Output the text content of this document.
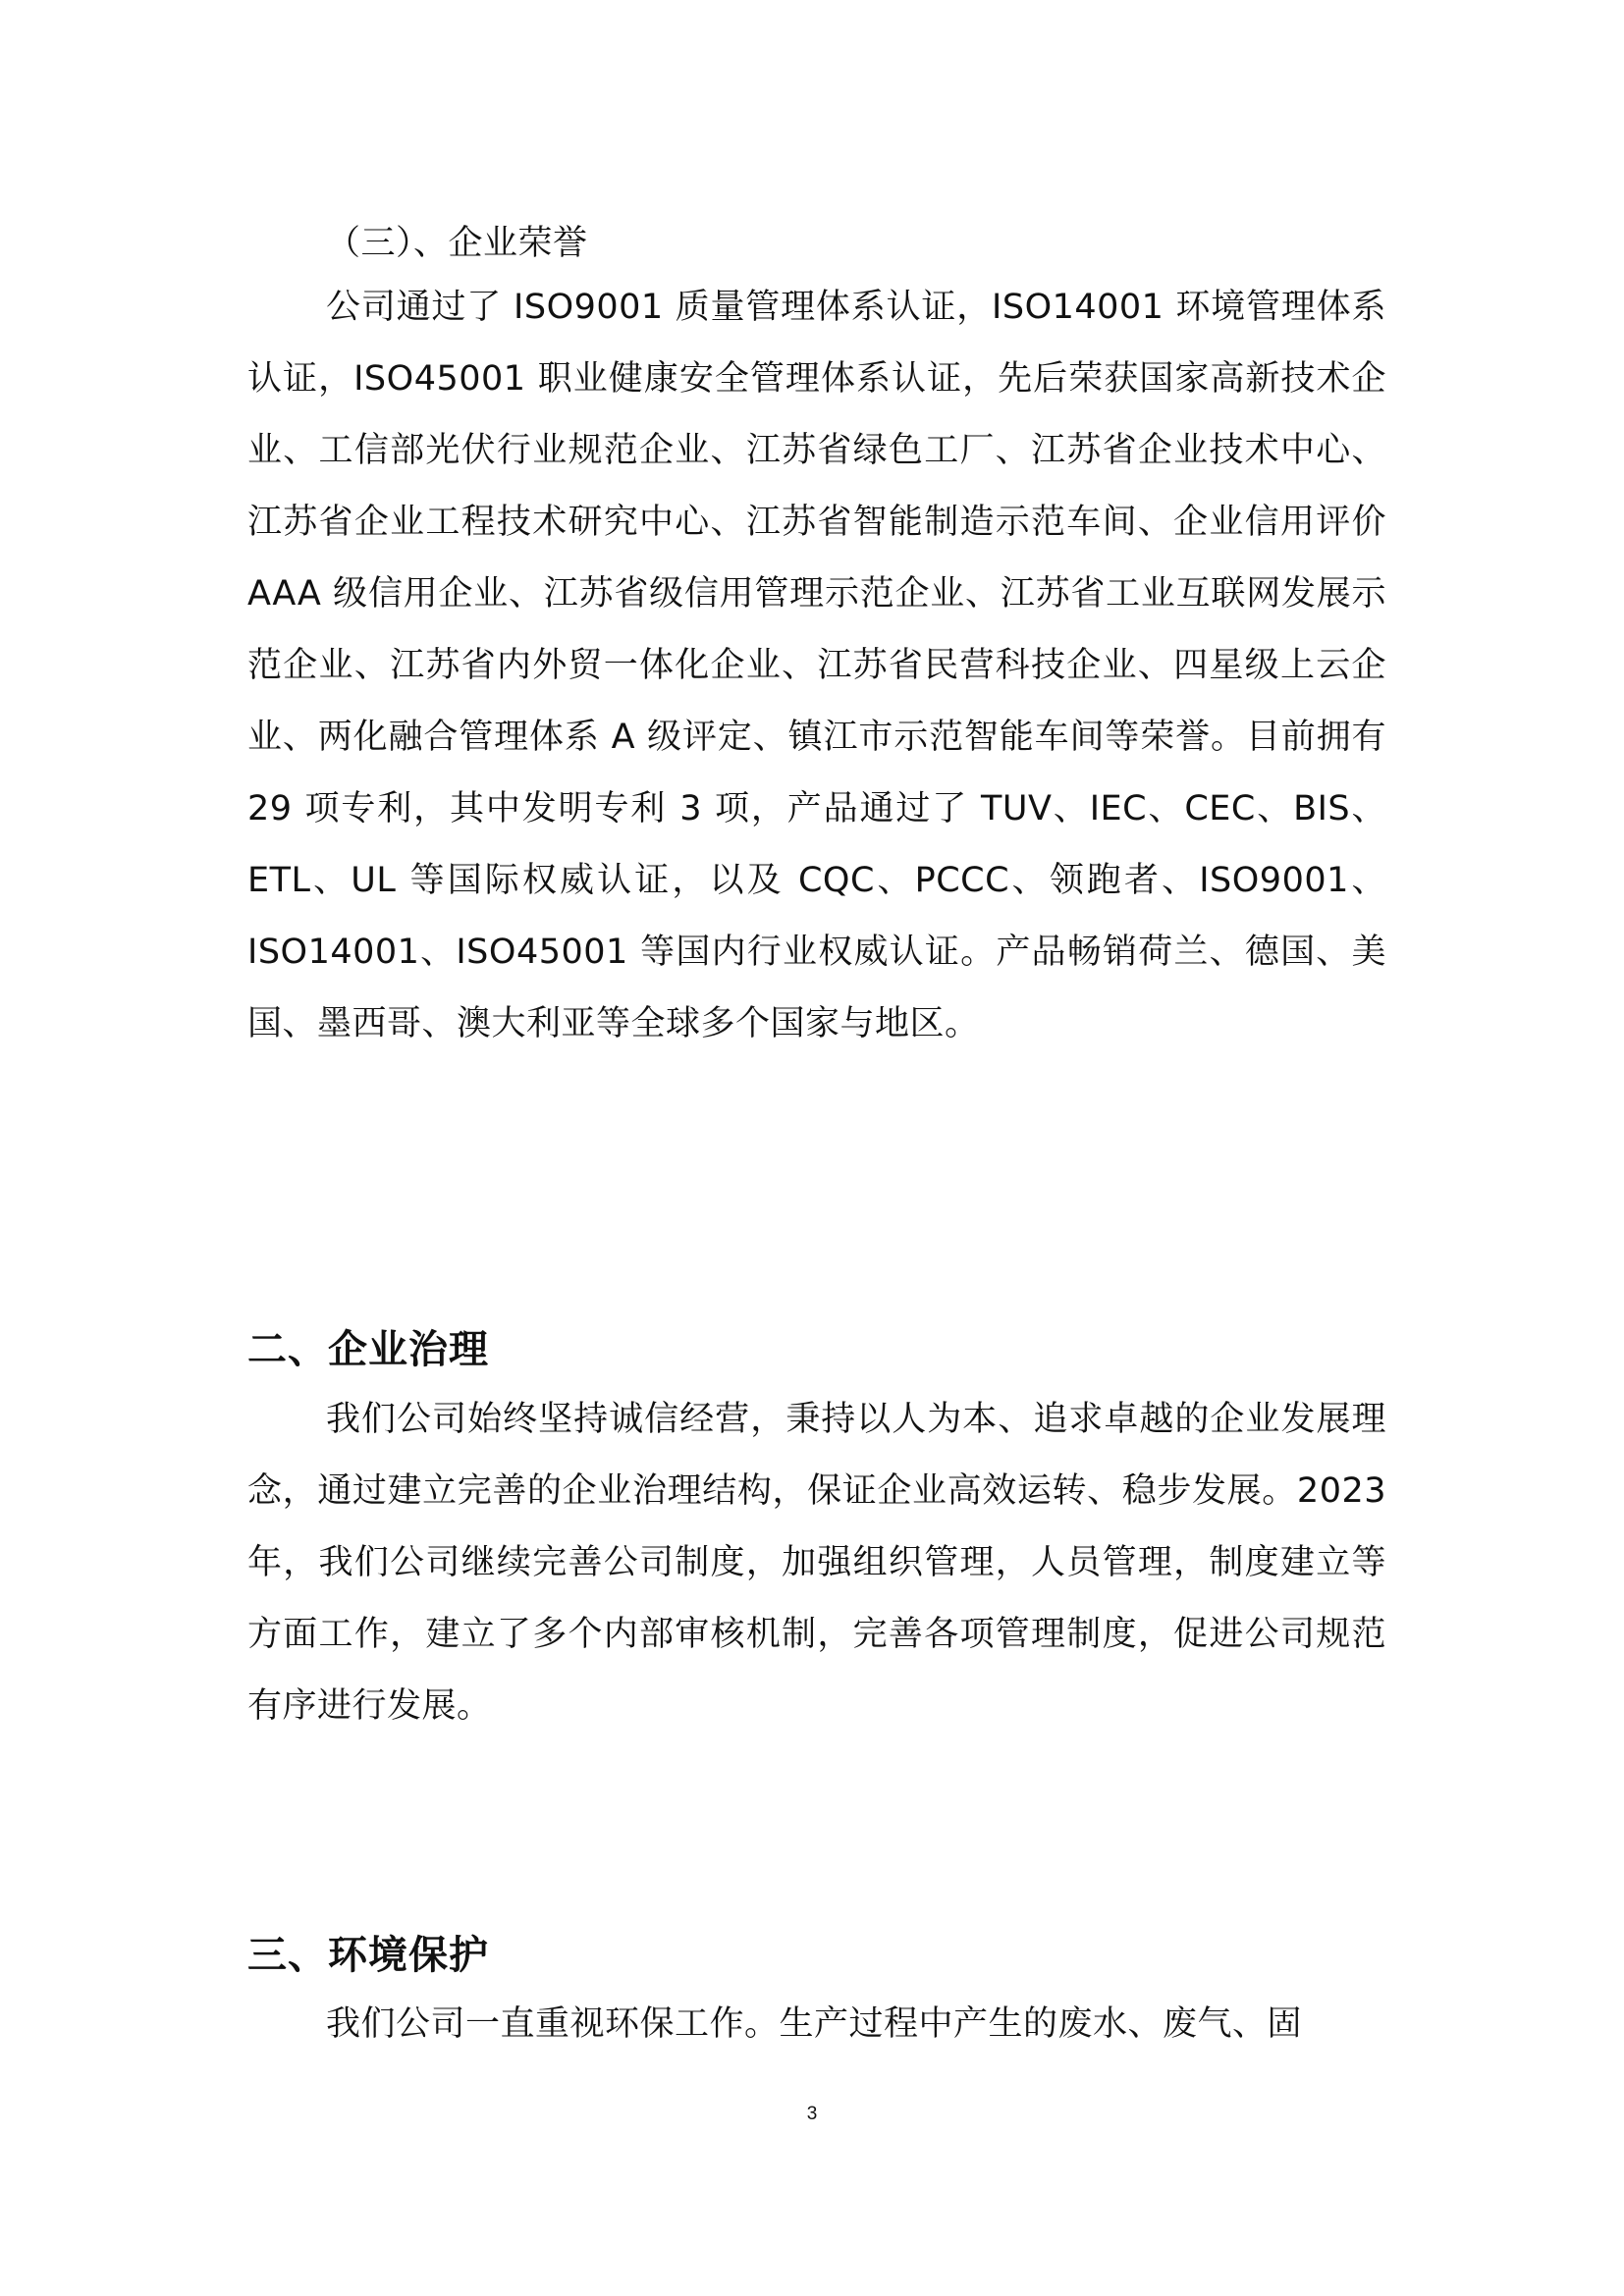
（三）、企业荣誉

公司通过了 ISO9001 质量管理体系认证，ISO14001 环境管理体系认证，ISO45001 职业健康安全管理体系认证，先后荣获国家高新技术企业、工信部光伏行业规范企业、江苏省绿色工厂、江苏省企业技术中心、江苏省企业工程技术研究中心、江苏省智能制造示范车间、企业信用评价 AAA 级信用企业、江苏省级信用管理示范企业、江苏省工业互联网发展示范企业、江苏省内外贸一体化企业、江苏省民营科技企业、四星级上云企业、两化融合管理体系 A 级评定、镇江市示范智能车间等荣誉。目前拥有 29 项专利，其中发明专利 3 项，产品通过了 TUV、IEC、CEC、BIS、ETL、UL 等国际权威认证，以及 CQC、PCCC、领跑者、ISO9001、ISO14001、ISO45001 等国内行业权威认证。产品畅销荷兰、德国、美国、墨西哥、澳大利亚等全球多个国家与地区。

二、企业治理

我们公司始终坚持诚信经营，秉持以人为本、追求卓越的企业发展理念，通过建立完善的企业治理结构，保证企业高效运转、稳步发展。2023 年，我们公司继续完善公司制度，加强组织管理，人员管理，制度建立等方面工作，建立了多个内部审核机制，完善各项管理制度，促进公司规范有序进行发展。

三、环境保护

我们公司一直重视环保工作。生产过程中产生的废水、废气、固

3
